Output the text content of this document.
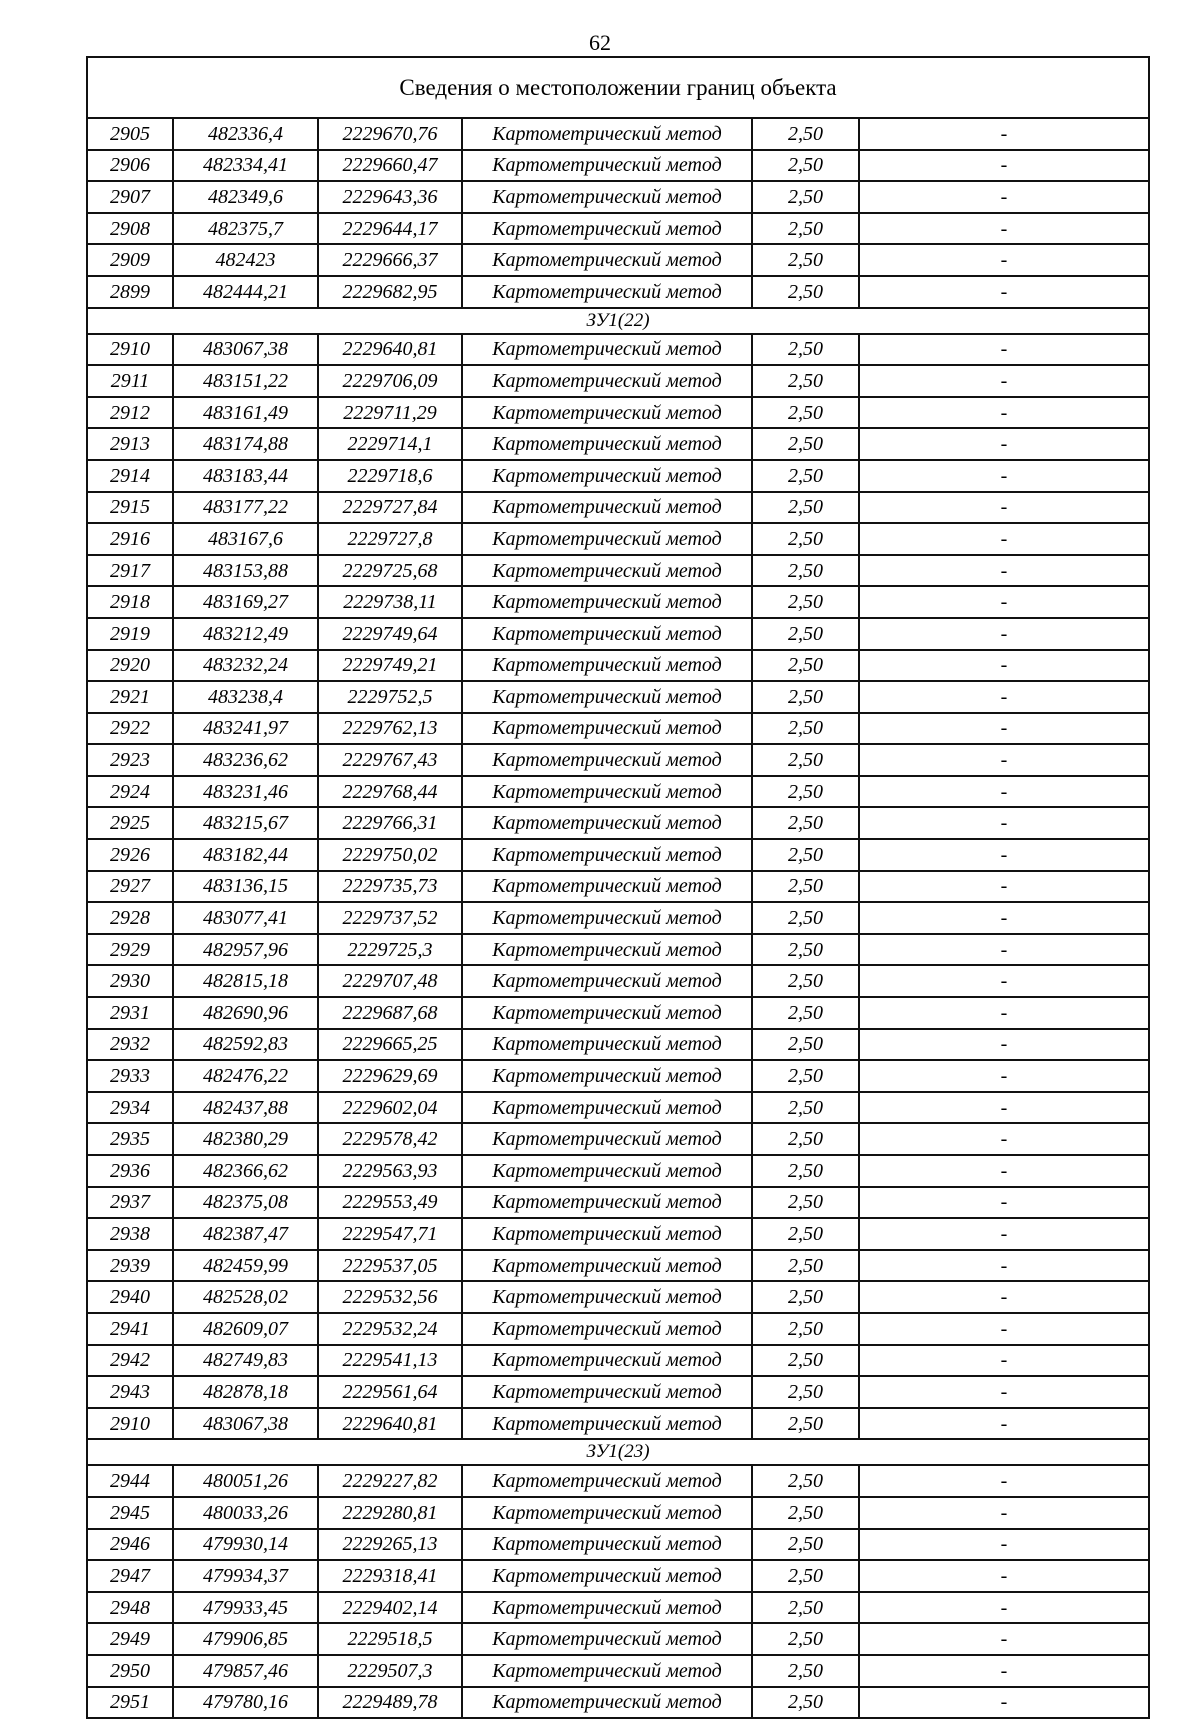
62
Сведения о местоположении границ объекта					
2905	482336,4	2229670,76	Картометрический метод	2,50	-
2906	482334,41	2229660,47	Картометрический метод	2,50	-
2907	482349,6	2229643,36	Картометрический метод	2,50	-
2908	482375,7	2229644,17	Картометрический метод	2,50	-
2909	482423	2229666,37	Картометрический метод	2,50	-
2899	482444,21	2229682,95	Картометрический метод	2,50	-
ЗУ1(22)					
2910	483067,38	2229640,81	Картометрический метод	2,50	-
2911	483151,22	2229706,09	Картометрический метод	2,50	-
2912	483161,49	2229711,29	Картометрический метод	2,50	-
2913	483174,88	2229714,1	Картометрический метод	2,50	-
2914	483183,44	2229718,6	Картометрический метод	2,50	-
2915	483177,22	2229727,84	Картометрический метод	2,50	-
2916	483167,6	2229727,8	Картометрический метод	2,50	-
2917	483153,88	2229725,68	Картометрический метод	2,50	-
2918	483169,27	2229738,11	Картометрический метод	2,50	-
2919	483212,49	2229749,64	Картометрический метод	2,50	-
2920	483232,24	2229749,21	Картометрический метод	2,50	-
2921	483238,4	2229752,5	Картометрический метод	2,50	-
2922	483241,97	2229762,13	Картометрический метод	2,50	-
2923	483236,62	2229767,43	Картометрический метод	2,50	-
2924	483231,46	2229768,44	Картометрический метод	2,50	-
2925	483215,67	2229766,31	Картометрический метод	2,50	-
2926	483182,44	2229750,02	Картометрический метод	2,50	-
2927	483136,15	2229735,73	Картометрический метод	2,50	-
2928	483077,41	2229737,52	Картометрический метод	2,50	-
2929	482957,96	2229725,3	Картометрический метод	2,50	-
2930	482815,18	2229707,48	Картометрический метод	2,50	-
2931	482690,96	2229687,68	Картометрический метод	2,50	-
2932	482592,83	2229665,25	Картометрический метод	2,50	-
2933	482476,22	2229629,69	Картометрический метод	2,50	-
2934	482437,88	2229602,04	Картометрический метод	2,50	-
2935	482380,29	2229578,42	Картометрический метод	2,50	-
2936	482366,62	2229563,93	Картометрический метод	2,50	-
2937	482375,08	2229553,49	Картометрический метод	2,50	-
2938	482387,47	2229547,71	Картометрический метод	2,50	-
2939	482459,99	2229537,05	Картометрический метод	2,50	-
2940	482528,02	2229532,56	Картометрический метод	2,50	-
2941	482609,07	2229532,24	Картометрический метод	2,50	-
2942	482749,83	2229541,13	Картометрический метод	2,50	-
2943	482878,18	2229561,64	Картометрический метод	2,50	-
2910	483067,38	2229640,81	Картометрический метод	2,50	-
ЗУ1(23)					
2944	480051,26	2229227,82	Картометрический метод	2,50	-
2945	480033,26	2229280,81	Картометрический метод	2,50	-
2946	479930,14	2229265,13	Картометрический метод	2,50	-
2947	479934,37	2229318,41	Картометрический метод	2,50	-
2948	479933,45	2229402,14	Картометрический метод	2,50	-
2949	479906,85	2229518,5	Картометрический метод	2,50	-
2950	479857,46	2229507,3	Картометрический метод	2,50	-
2951	479780,16	2229489,78	Картометрический метод	2,50	-
